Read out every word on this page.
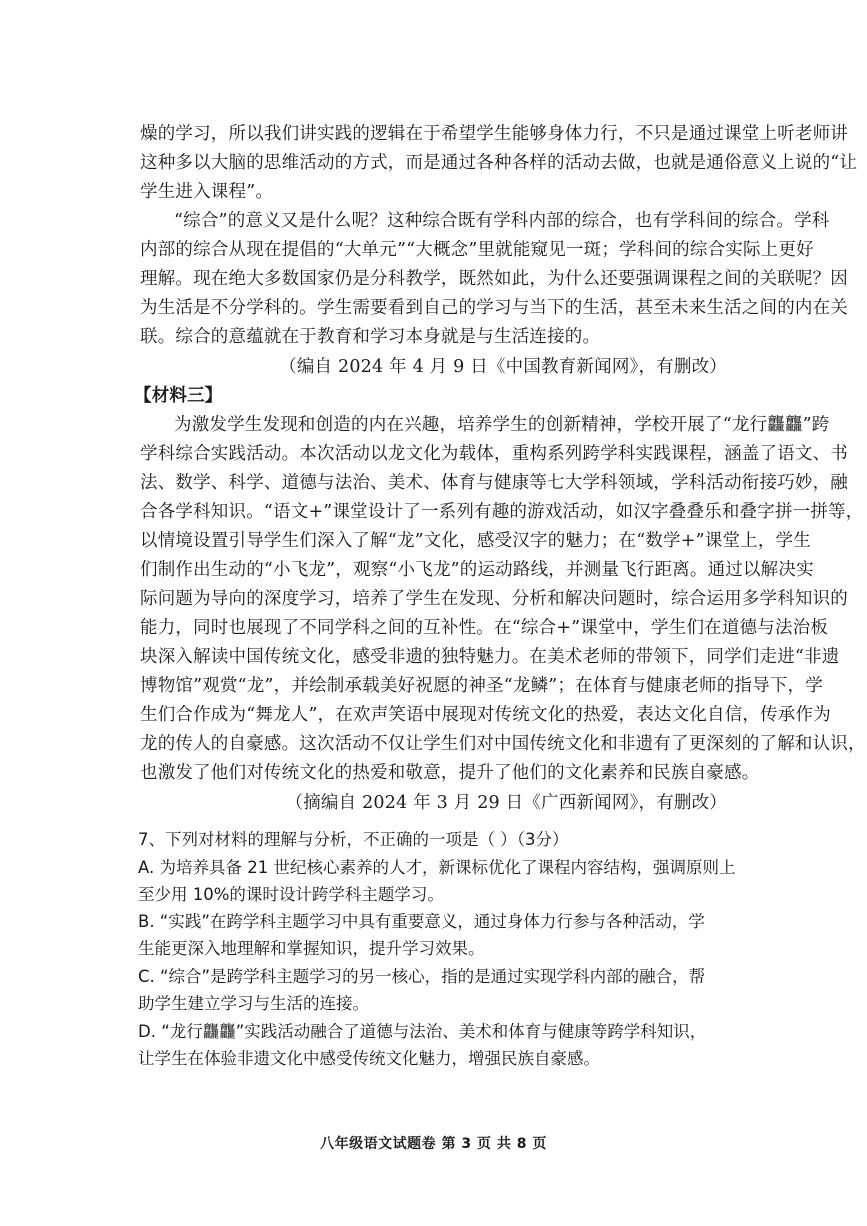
燥的学习，所以我们讲实践的逻辑在于希望学生能够身体力行，不只是通过课堂上听老师讲
这种多以大脑的思维活动的方式，而是通过各种各样的活动去做，也就是通俗意义上说的“让
学生进入课程”。
“综合”的意义又是什么呢？这种综合既有学科内部的综合，也有学科间的综合。学科
内部的综合从现在提倡的“大单元”“大概念”里就能窥见一斑；学科间的综合实际上更好
理解。现在绝大多数国家仍是分科教学，既然如此，为什么还要强调课程之间的关联呢？因
为生活是不分学科的。学生需要看到自己的学习与当下的生活，甚至未来生活之间的内在关
联。综合的意蕴就在于教育和学习本身就是与生活连接的。
（编自 2024 年 4 月 9 日《中国教育新闻网》，有删改）
【材料三】
为激发学生发现和创造的内在兴趣，培养学生的创新精神，学校开展了“龙行龘龘”跨
学科综合实践活动。本次活动以龙文化为载体，重构系列跨学科实践课程，涵盖了语文、书
法、数学、科学、道德与法治、美术、体育与健康等七大学科领域，学科活动衔接巧妙，融
合各学科知识。“语文+”课堂设计了一系列有趣的游戏活动，如汉字叠叠乐和叠字拼一拼等，
以情境设置引导学生们深入了解“龙”文化，感受汉字的魅力；在“数学+”课堂上，学生
们制作出生动的“小飞龙”，观察“小飞龙”的运动路线，并测量飞行距离。通过以解决实
际问题为导向的深度学习，培养了学生在发现、分析和解决问题时，综合运用多学科知识的
能力，同时也展现了不同学科之间的互补性。在“综合+”课堂中，学生们在道德与法治板
块深入解读中国传统文化，感受非遗的独特魅力。在美术老师的带领下，同学们走进“非遗
博物馆”观赏“龙”，并绘制承载美好祝愿的神圣“龙鳞”；在体育与健康老师的指导下，学
生们合作成为“舞龙人”，在欢声笑语中展现对传统文化的热爱，表达文化自信，传承作为
龙的传人的自豪感。这次活动不仅让学生们对中国传统文化和非遗有了更深刻的了解和认识，
也激发了他们对传统文化的热爱和敬意，提升了他们的文化素养和民族自豪感。
（摘编自 2024 年 3 月 29 日《广西新闻网》，有删改）
7、下列对材料的理解与分析，不正确的一项是（ ）（3分）
A. 为培养具备 21 世纪核心素养的人才，新课标优化了课程内容结构，强调原则上
至少用 10%的课时设计跨学科主题学习。
B. “实践”在跨学科主题学习中具有重要意义，通过身体力行参与各种活动，学
生能更深入地理解和掌握知识，提升学习效果。
C. “综合”是跨学科主题学习的另一核心，指的是通过实现学科内部的融合，帮
助学生建立学习与生活的连接。
D. “龙行龘龘”实践活动融合了道德与法治、美术和体育与健康等跨学科知识，
让学生在体验非遗文化中感受传统文化魅力，增强民族自豪感。
八年级语文试题卷 第 3 页 共 8 页
